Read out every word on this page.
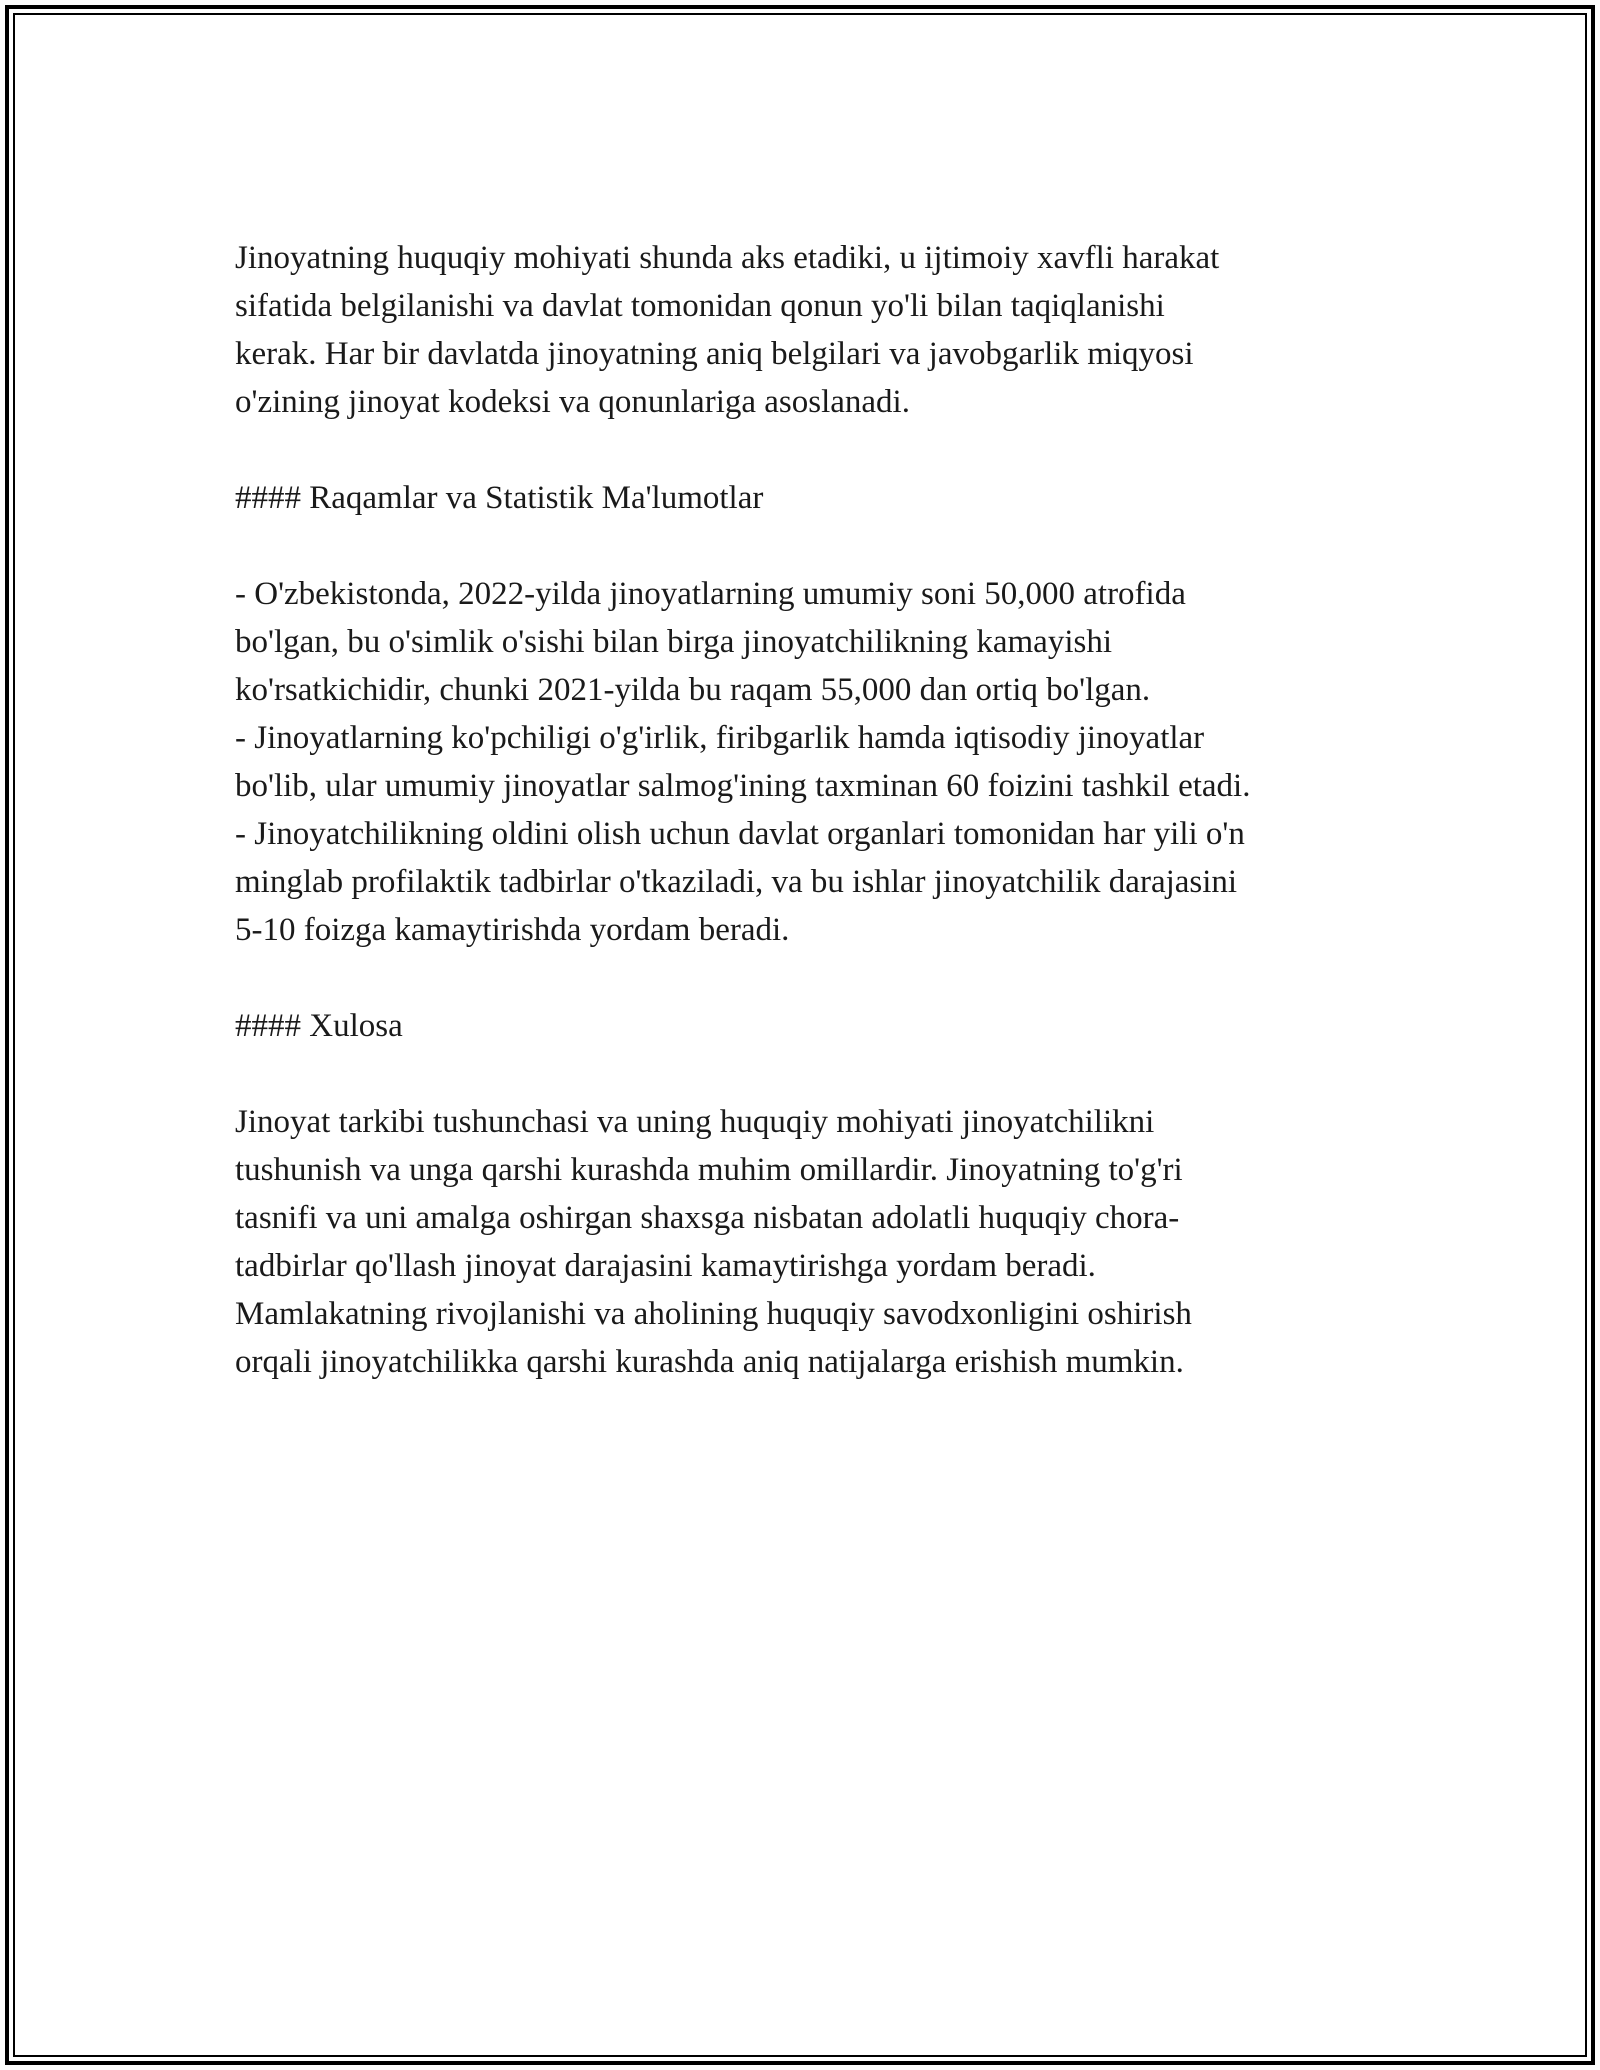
Jinoyatning huquqiy mohiyati shunda aks etadiki, u ijtimoiy xavfli harakat
sifatida belgilanishi va davlat tomonidan qonun yo'li bilan taqiqlanishi
kerak. Har bir davlatda jinoyatning aniq belgilari va javobgarlik miqyosi
o'zining jinoyat kodeksi va qonunlariga asoslanadi.

#### Raqamlar va Statistik Ma'lumotlar

- O'zbekistonda, 2022-yilda jinoyatlarning umumiy soni 50,000 atrofida
bo'lgan, bu o'simlik o'sishi bilan birga jinoyatchilikning kamayishi
ko'rsatkichidir, chunki 2021-yilda bu raqam 55,000 dan ortiq bo'lgan.
- Jinoyatlarning ko'pchiligi o'g'irlik, firibgarlik hamda iqtisodiy jinoyatlar
bo'lib, ular umumiy jinoyatlar salmog'ining taxminan 60 foizini tashkil etadi.
- Jinoyatchilikning oldini olish uchun davlat organlari tomonidan har yili o'n
minglab profilaktik tadbirlar o'tkaziladi, va bu ishlar jinoyatchilik darajasini
5-10 foizga kamaytirishda yordam beradi.

#### Xulosa

Jinoyat tarkibi tushunchasi va uning huquqiy mohiyati jinoyatchilikni
tushunish va unga qarshi kurashda muhim omillardir. Jinoyatning to'g'ri
tasnifi va uni amalga oshirgan shaxsga nisbatan adolatli huquqiy chora-
tadbirlar qo'llash jinoyat darajasini kamaytirishga yordam beradi.
Mamlakatning rivojlanishi va aholining huquqiy savodxonligini oshirish
orqali jinoyatchilikka qarshi kurashda aniq natijalarga erishish mumkin.
